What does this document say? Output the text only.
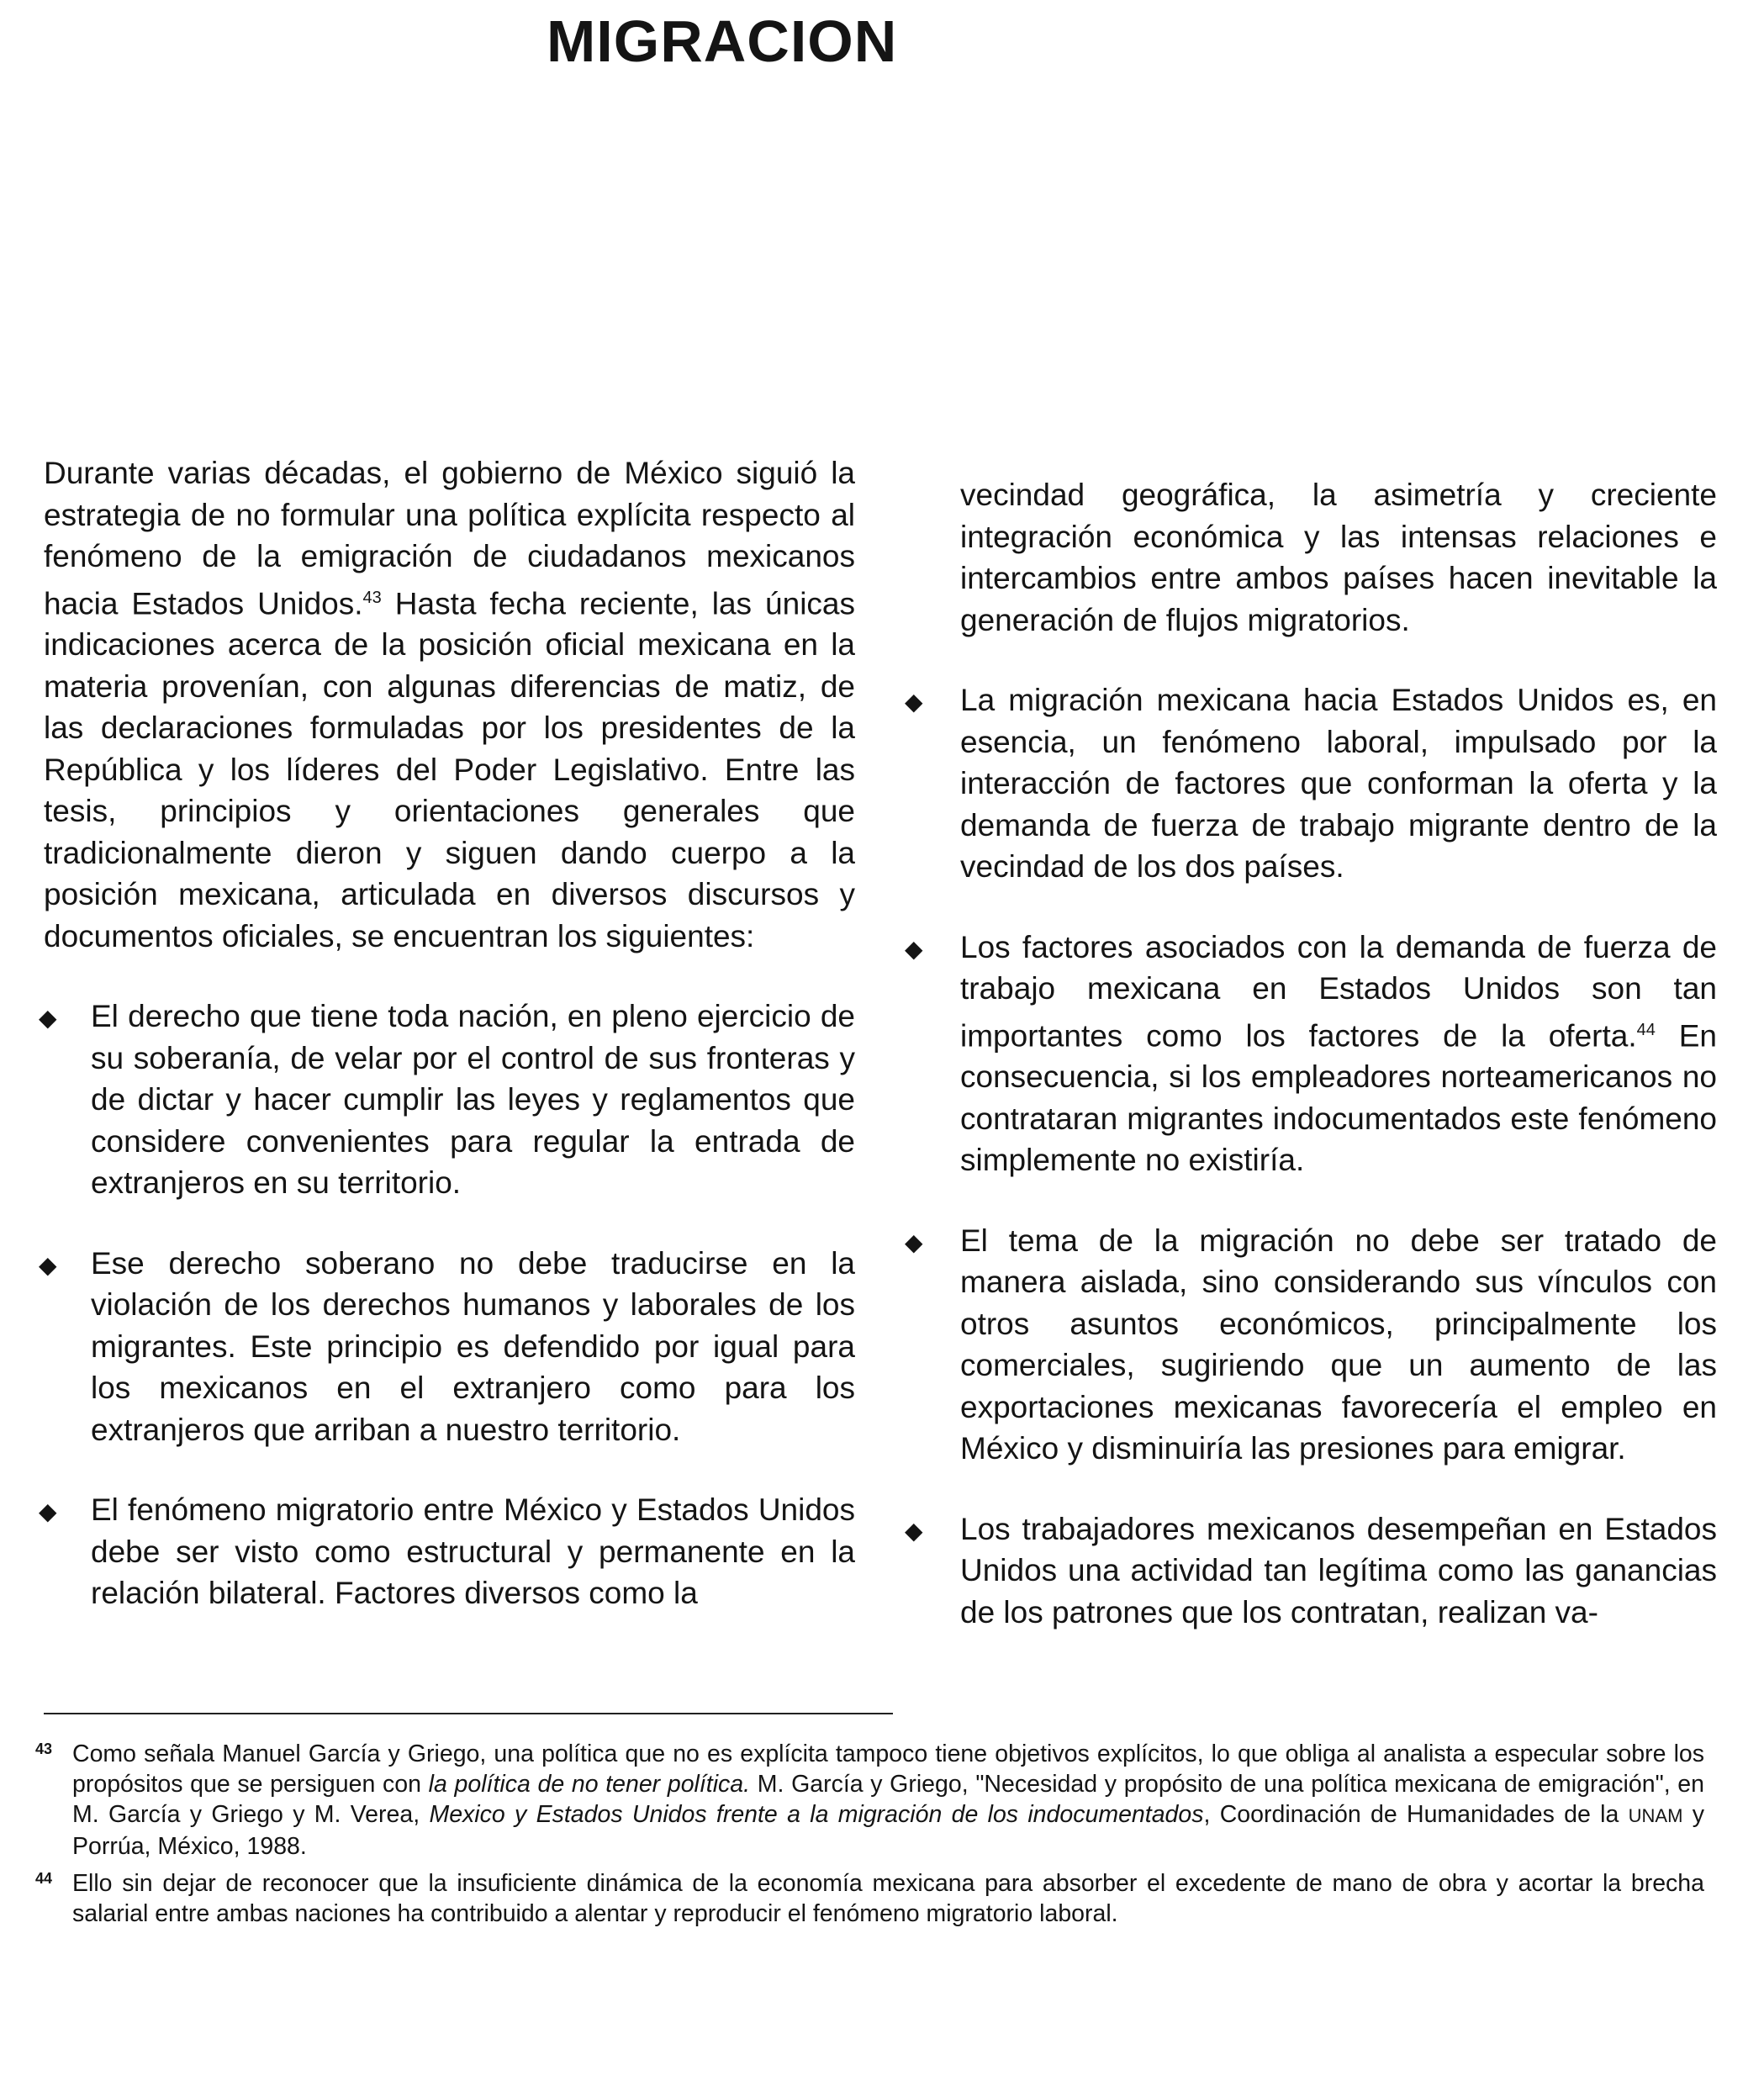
MIGRACION

Durante varias décadas, el gobierno de México siguió la estrategia de no formular una política explícita respecto al fenómeno de la emigración de ciudadanos mexicanos hacia Estados Unidos.$^{43}$ Hasta fecha reciente, las únicas indicaciones acerca de la posición oficial mexicana en la materia provenían, con algunas diferencias de matiz, de las declaraciones formuladas por los presidentes de la República y los líderes del Poder Legislativo. Entre las tesis, principios y orientaciones generales que tradicionalmente dieron y siguen dando cuerpo a la posición mexicana, articulada en diversos discursos y documentos oficiales, se encuentran los siguientes:

◆ El derecho que tiene toda nación, en pleno ejercicio de su soberanía, de velar por el control de sus fronteras y de dictar y hacer cumplir las leyes y reglamentos que considere convenientes para regular la entrada de extranjeros en su territorio.
◆ Ese derecho soberano no debe traducirse en la violación de los derechos humanos y laborales de los migrantes. Este principio es defendido por igual para los mexicanos en el extranjero como para los extranjeros que arriban a nuestro territorio.
◆ El fenómeno migratorio entre México y Estados Unidos debe ser visto como estructural y permanente en la relación bilateral. Factores diversos como la

vecindad geográfica, la asimetría y creciente integración económica y las intensas relaciones e intercambios entre ambos países hacen inevitable la generación de flujos migratorios.

◆ La migración mexicana hacia Estados Unidos es, en esencia, un fenómeno laboral, impulsado por la interacción de factores que conforman la oferta y la demanda de fuerza de trabajo migrante dentro de la vecindad de los dos países.
◆ Los factores asociados con la demanda de fuerza de trabajo mexicana en Estados Unidos son tan importantes como los factores de la oferta.$^{44}$ En consecuencia, si los empleadores norteamericanos no contrataran migrantes indocumentados este fenómeno simplemente no existiría.
◆ El tema de la migración no debe ser tratado de manera aislada, sino considerando sus vínculos con otros asuntos económicos, principalmente los comerciales, sugiriendo que un aumento de las exportaciones mexicanas favorecería el empleo en México y disminuiría las presiones para emigrar.
◆ Los trabajadores mexicanos desempeñan en Estados Unidos una actividad tan legítima como las ganancias de los patrones que los contratan, realizan va-

43 Como señala Manuel García y Griego, una política que no es explícita tampoco tiene objetivos explícitos, lo que obliga al analista a especular sobre los propósitos que se persiguen con la política de no tener política. M. García y Griego, "Necesidad y propósito de una política mexicana de emigración", en M. García y Griego y M. Verea, Mexico y Estados Unidos frente a la migración de los indocumentados, Coordinación de Humanidades de la UNAM y Porrúa, México, 1988.

44 Ello sin dejar de reconocer que la insuficiente dinámica de la economía mexicana para absorber el excedente de mano de obra y acortar la brecha salarial entre ambas naciones ha contribuido a alentar y reproducir el fenómeno migratorio laboral.
